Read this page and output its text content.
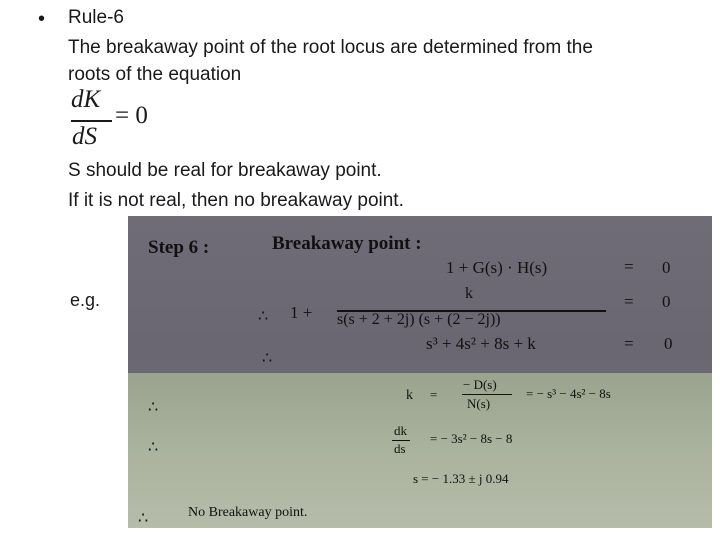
• Rule-6
The breakaway point of the root locus are determined from the
roots of the equation
dK
dS
= 0
S should be real for breakaway point.
If it is not real, then no breakaway point.
e.g.
Step 6 :	Breakaway point :
1 + G(s) · H(s)	= 0
∴ 1 +
k
s(s + 2 + 2j) (s + (2 − 2j))
= 0
∴
s³ + 4s² + 8s + k	= 0
∴
k =
− D(s)
N(s)
= − s³ − 4s² − 8s
∴
dk
ds
= − 3s² − 8s − 8
s = − 1.33 ± j 0.94
∴	No Breakaway point.
